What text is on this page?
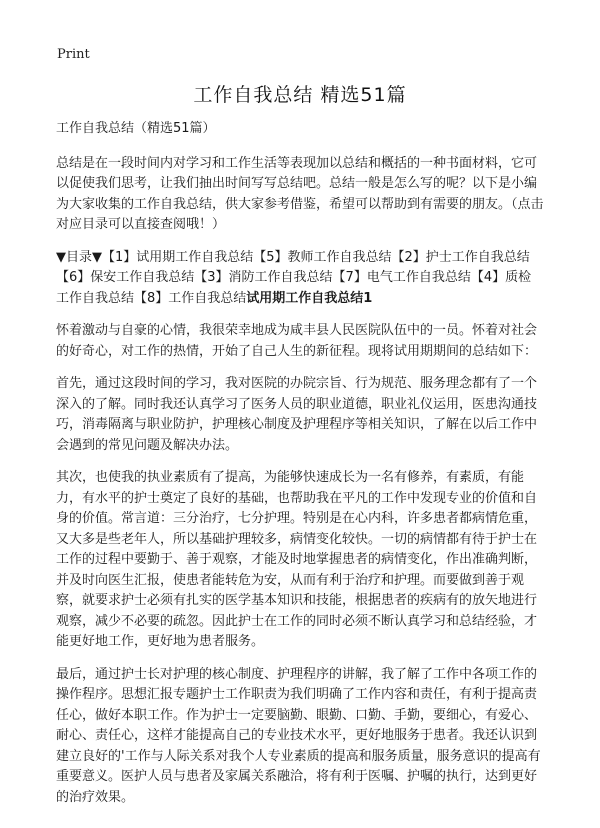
Print
工作自我总结 精选51篇

工作自我总结（精选51篇）

总结是在一段时间内对学习和工作生活等表现加以总结和概括的一种书面材料，它可以促使我们思考，让我们抽出时间写写总结吧。总结一般是怎么写的呢？以下是小编为大家收集的工作自我总结，供大家参考借鉴，希望可以帮助到有需要的朋友。（点击对应目录可以直接查阅哦！）

▼目录▼【1】试用期工作自我总结【5】教师工作自我总结【2】护士工作自我总结【6】保安工作自我总结【3】消防工作自我总结【7】电气工作自我总结【4】质检工作自我总结【8】工作自我总结试用期工作自我总结1

怀着激动与自豪的心情，我很荣幸地成为咸丰县人民医院队伍中的一员。怀着对社会的好奇心，对工作的热情，开始了自己人生的新征程。现将试用期期间的总结如下：

首先，通过这段时间的学习，我对医院的办院宗旨、行为规范、服务理念都有了一个深入的了解。同时我还认真学习了医务人员的职业道德，职业礼仪运用，医患沟通技巧，消毒隔离与职业防护，护理核心制度及护理程序等相关知识，了解在以后工作中会遇到的常见问题及解决办法。

其次，也使我的执业素质有了提高，为能够快速成长为一名有修养，有素质，有能力，有水平的护士奠定了良好的基础，也帮助我在平凡的工作中发现专业的价值和自身的价值。常言道：三分治疗，七分护理。特别是在心内科，许多患者都病情危重，又大多是些老年人，所以基础护理较多，病情变化较快。一切的病情都有待于护士在工作的过程中要勤于、善于观察，才能及时地掌握患者的病情变化，作出准确判断，并及时向医生汇报，使患者能转危为安，从而有利于治疗和护理。而要做到善于观察，就要求护士必须有扎实的医学基本知识和技能，根据患者的疾病有的放矢地进行观察，减少不必要的疏忽。因此护士在工作的同时必须不断认真学习和总结经验，才能更好地工作，更好地为患者服务。

最后，通过护士长对护理的核心制度、护理程序的讲解，我了解了工作中各项工作的操作程序。思想汇报专题护士工作职责为我们明确了工作内容和责任，有利于提高责任心，做好本职工作。作为护士一定要脑勤、眼勤、口勤、手勤，要细心，有爱心、耐心、责任心，这样才能提高自己的专业技术水平，更好地服务于患者。我还认识到建立良好的'工作与人际关系对我个人专业素质的提高和服务质量，服务意识的提高有重要意义。医护人员与患者及家属关系融洽，将有利于医嘱、护嘱的执行，达到更好的治疗效果。
